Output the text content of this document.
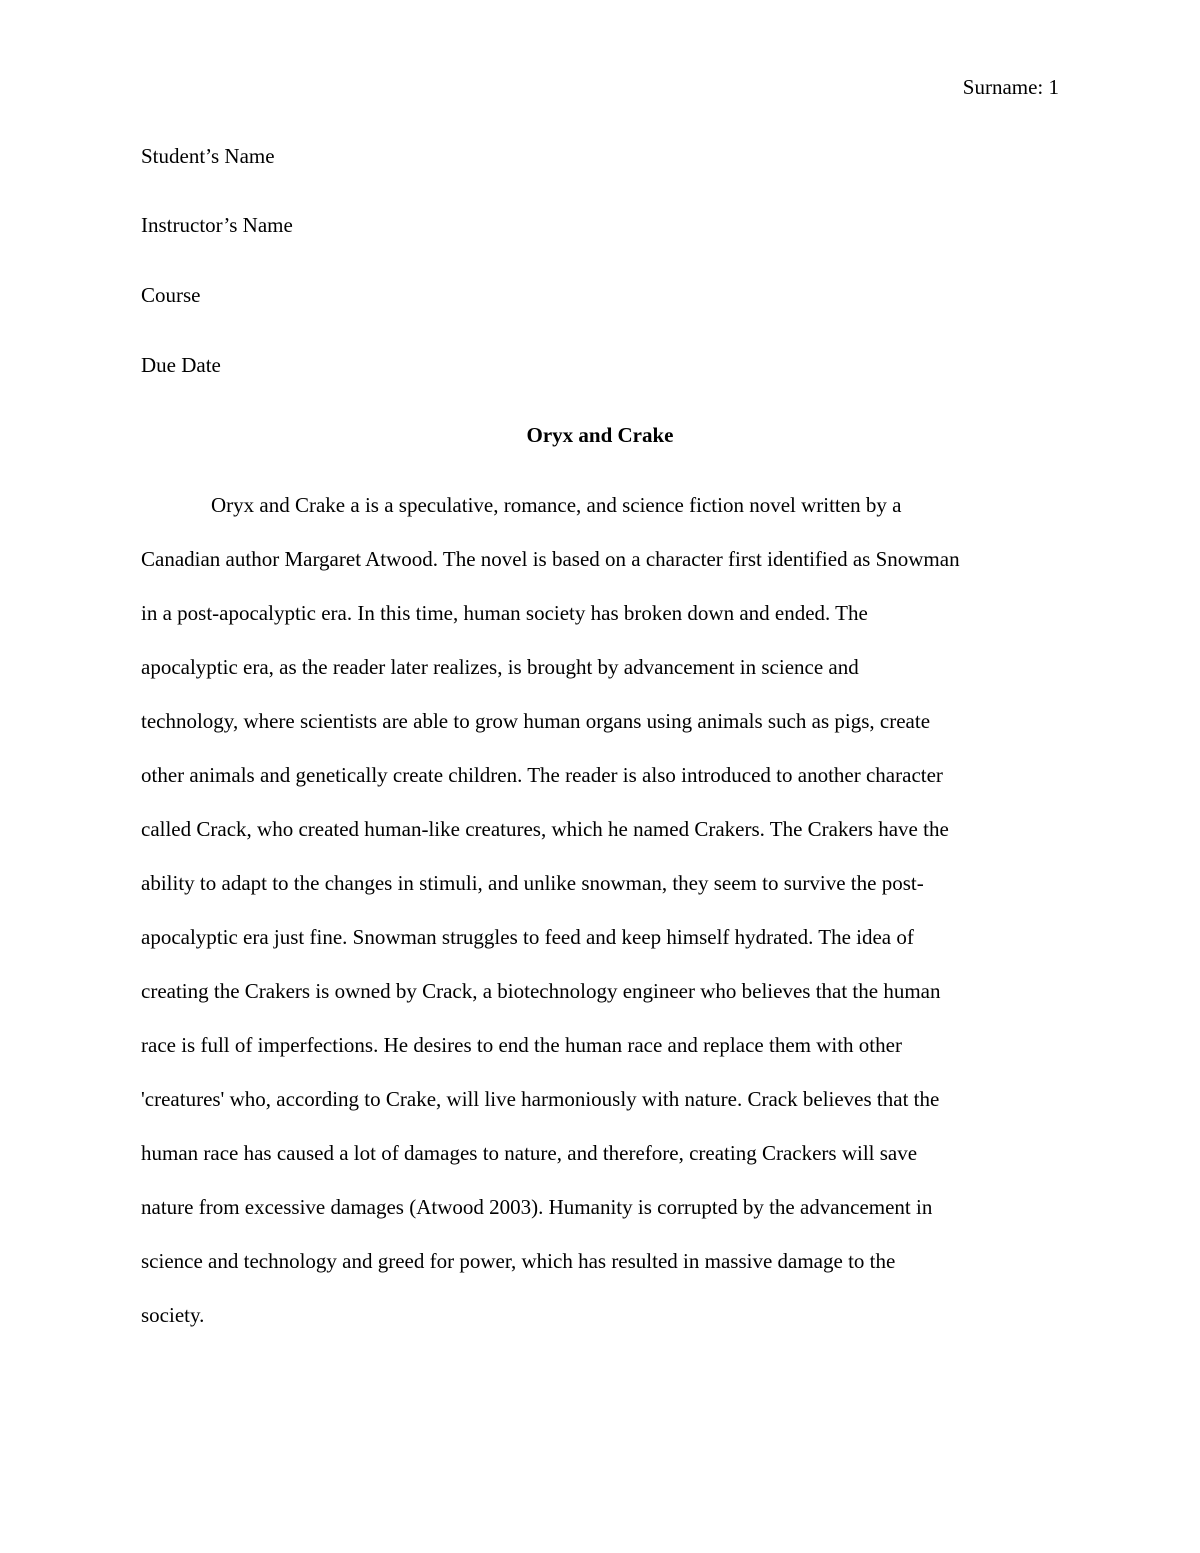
Surname: 1
Student’s Name
Instructor’s Name
Course
Due Date
Oryx and Crake
Oryx and Crake a is a speculative, romance, and science fiction novel written by a
Canadian author Margaret Atwood. The novel is based on a character first identified as Snowman
in a post-apocalyptic era. In this time, human society has broken down and ended. The
apocalyptic era, as the reader later realizes, is brought by advancement in science and
technology, where scientists are able to grow human organs using animals such as pigs, create
other animals and genetically create children. The reader is also introduced to another character
called Crack, who created human-like creatures, which he named Crakers. The Crakers have the
ability to adapt to the changes in stimuli, and unlike snowman, they seem to survive the post-
apocalyptic era just fine. Snowman struggles to feed and keep himself hydrated. The idea of
creating the Crakers is owned by Crack, a biotechnology engineer who believes that the human
race is full of imperfections. He desires to end the human race and replace them with other
'creatures' who, according to Crake, will live harmoniously with nature. Crack believes that the
human race has caused a lot of damages to nature, and therefore, creating Crackers will save
nature from excessive damages (Atwood 2003). Humanity is corrupted by the advancement in
science and technology and greed for power, which has resulted in massive damage to the
society.
